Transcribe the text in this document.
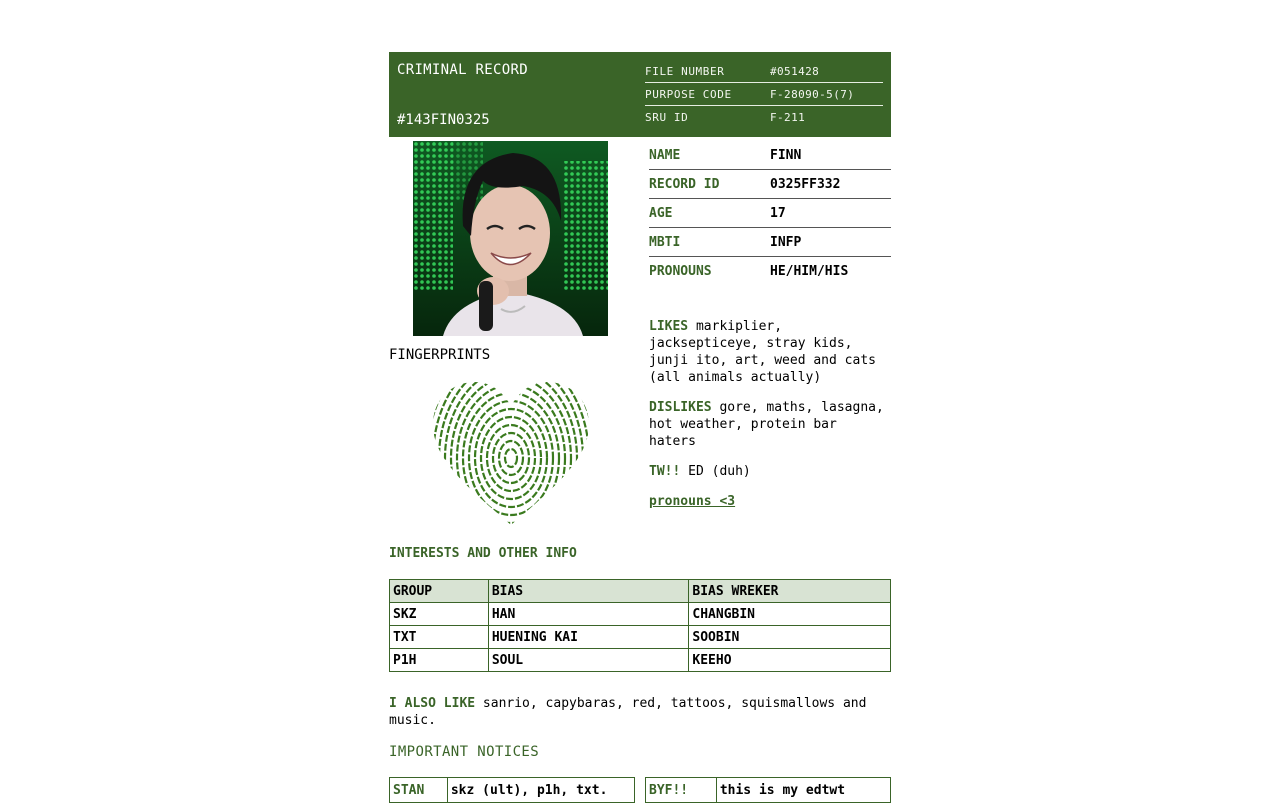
CRIMINAL RECORD
#143FIN0325
FILE NUMBER	#051428
PURPOSE CODE	F-28090-5(7)
SRU ID	F-211
NAME	FINN
RECORD ID	0325FF332
AGE	17
MBTI	INFP
PRONOUNS	HE/HIM/HIS
FINGERPRINTS
LIKES markiplier, jacksepticeye, stray kids, junji ito, art, weed and cats (all animals actually)
DISLIKES gore, maths, lasagna, hot weather, protein bar haters
TW!! ED (duh)
pronouns <3
INTERESTS AND OTHER INFO
GROUP	BIAS	BIAS WREKER
SKZ	HAN	CHANGBIN
TXT	HUENING KAI	SOOBIN
P1H	SOUL	KEEHO
I ALSO LIKE sanrio, capybaras, red, tattoos, squismallows and music.
IMPORTANT NOTICES
STAN	skz (ult), p1h, txt.	BYF!!	this is my edtwt
